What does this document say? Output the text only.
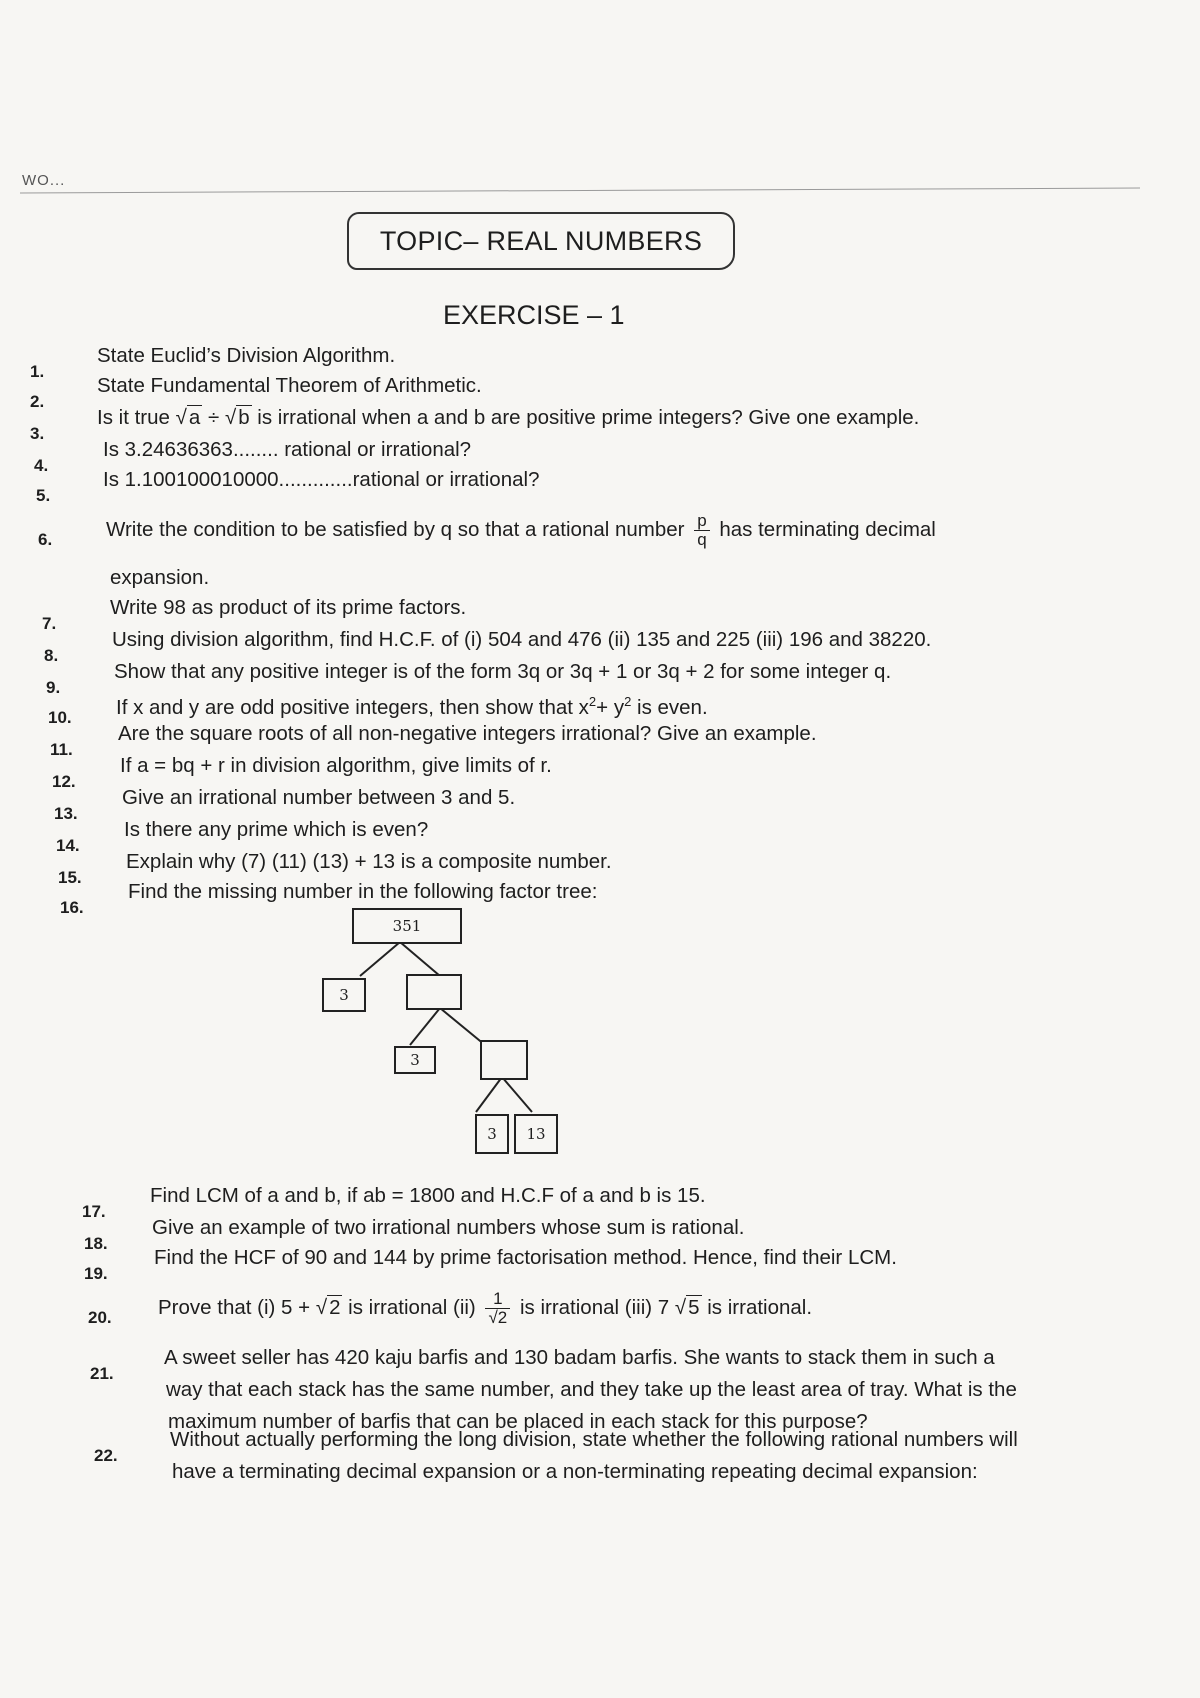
WO...
TOPIC– REAL NUMBERS
EXERCISE – 1
1.
State Euclid’s Division Algorithm.
2.
State Fundamental Theorem of Arithmetic.
3.
Is it true √a ÷ √b is irrational when a and b are positive prime integers? Give one example.
4.
Is 3.24636363........ rational or irrational?
5.
Is 1.100100010000.............rational or irrational?
6.	Write the condition to be satisfied by q so that a rational number $\frac{p}{q}$ has terminating decimal
expansion.
7.
Write 98 as product of its prime factors.
8.
Using division algorithm, find H.C.F. of (i) 504 and 476 (ii) 135 and 225 (iii) 196 and 38220.
9.
Show that any positive integer is of the form 3q or 3q + 1 or 3q + 2 for some integer q.
10. If x and y are odd positive integers, then show that $x^2+ y^2$ is even.
11.
Are the square roots of all non-negative integers irrational? Give an example.
12.
If a = bq + r in division algorithm, give limits of r.
13.
Give an irrational number between 3 and 5.
14.
Is there any prime which is even?
15.
Explain why (7) (11) (13) + 13 is a composite number.
16.
Find the missing number in the following factor tree:
351
3
3
3	13
17.
Find LCM of a and b, if ab = 1800 and H.C.F of a and b is 15.
18.
Give an example of two irrational numbers whose sum is rational.
19.
Find the HCF of 90 and 144 by prime factorisation method. Hence, find their LCM.
20. Prove that (i) 5 + √2 is irrational $(ii) \frac{1}{√2}$ is irrational (iii) 7 √5 is irrational.
21.
A sweet seller has 420 kaju barfis and 130 badam barfis. She wants to stack them in such a
way that each stack has the same number, and they take up the least area of tray. What is the
maximum number of barfis that can be placed in each stack for this purpose?
22.
Without actually performing the long division, state whether the following rational numbers will
have a terminating decimal expansion or a non-terminating repeating decimal expansion:
